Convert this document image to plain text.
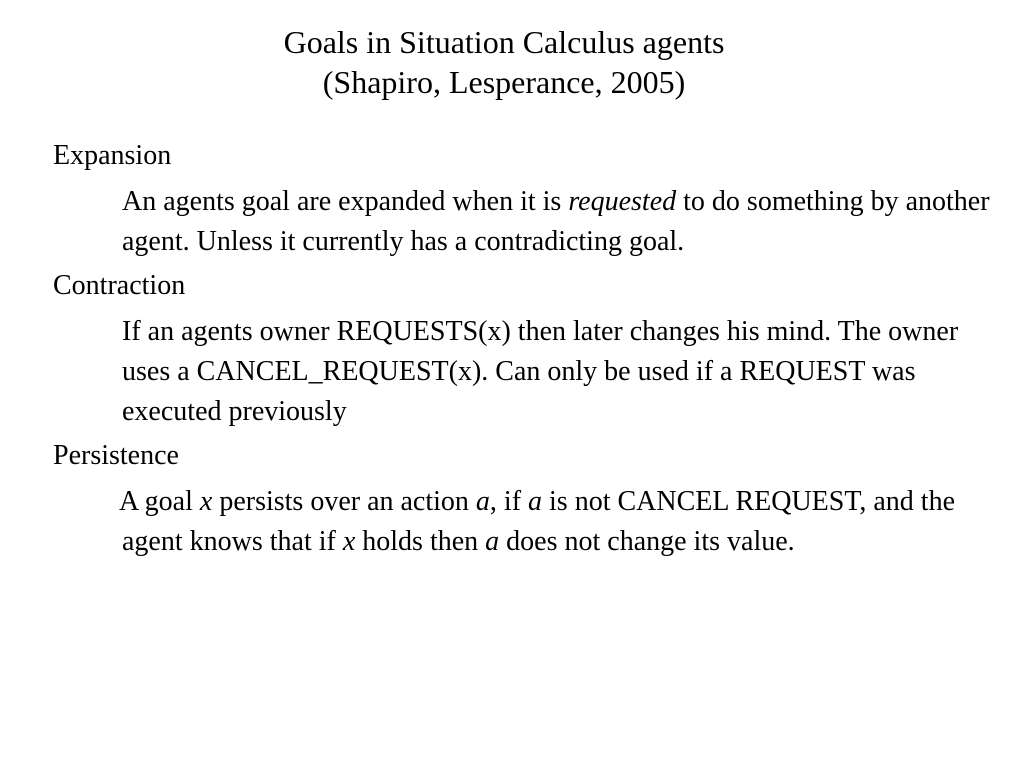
Goals in Situation Calculus agents
(Shapiro, Lesperance, 2005)
Expansion

An agents goal are expanded when it is requested to do something by another agent. Unless it currently has a contradicting goal.

Contraction

If an agents owner REQUESTS(x) then later changes his mind. The owner uses a CANCEL_REQUEST(x). Can only be used if a REQUEST was executed previously

Persistence

A goal x persists over an action a, if a is not CANCEL REQUEST, and the agent knows that if x holds then a does not change its value.
